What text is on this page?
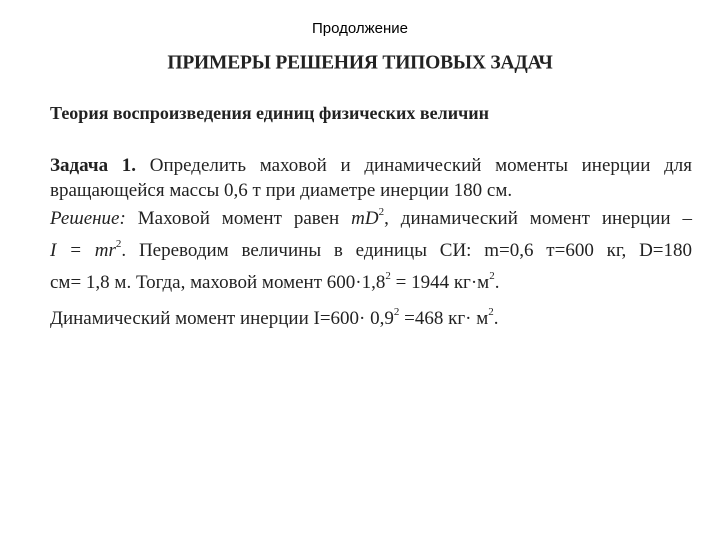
Продолжение
ПРИМЕРЫ РЕШЕНИЯ ТИПОВЫХ ЗАДАЧ
Теория воспроизведения единиц физических величин
Задача 1. Определить маховой и динамический моменты инерции для
вращающейся массы 0,6 т при диаметре инерции 180 см.
Решение: Маховой момент равен $mD^2$, динамический момент инерции –
$I = mr^2$. Переводим величины в единицы СИ: m=0,6 т=600 кг, D=180
см= 1,8 м. Тогда, маховой момент $600\cdot 1,8^2 = 1944$ $кг\cdot м^2$.
Динамический момент инерции $I=600\cdot 0,9^2 =468$ $кг\cdot м^2$.
